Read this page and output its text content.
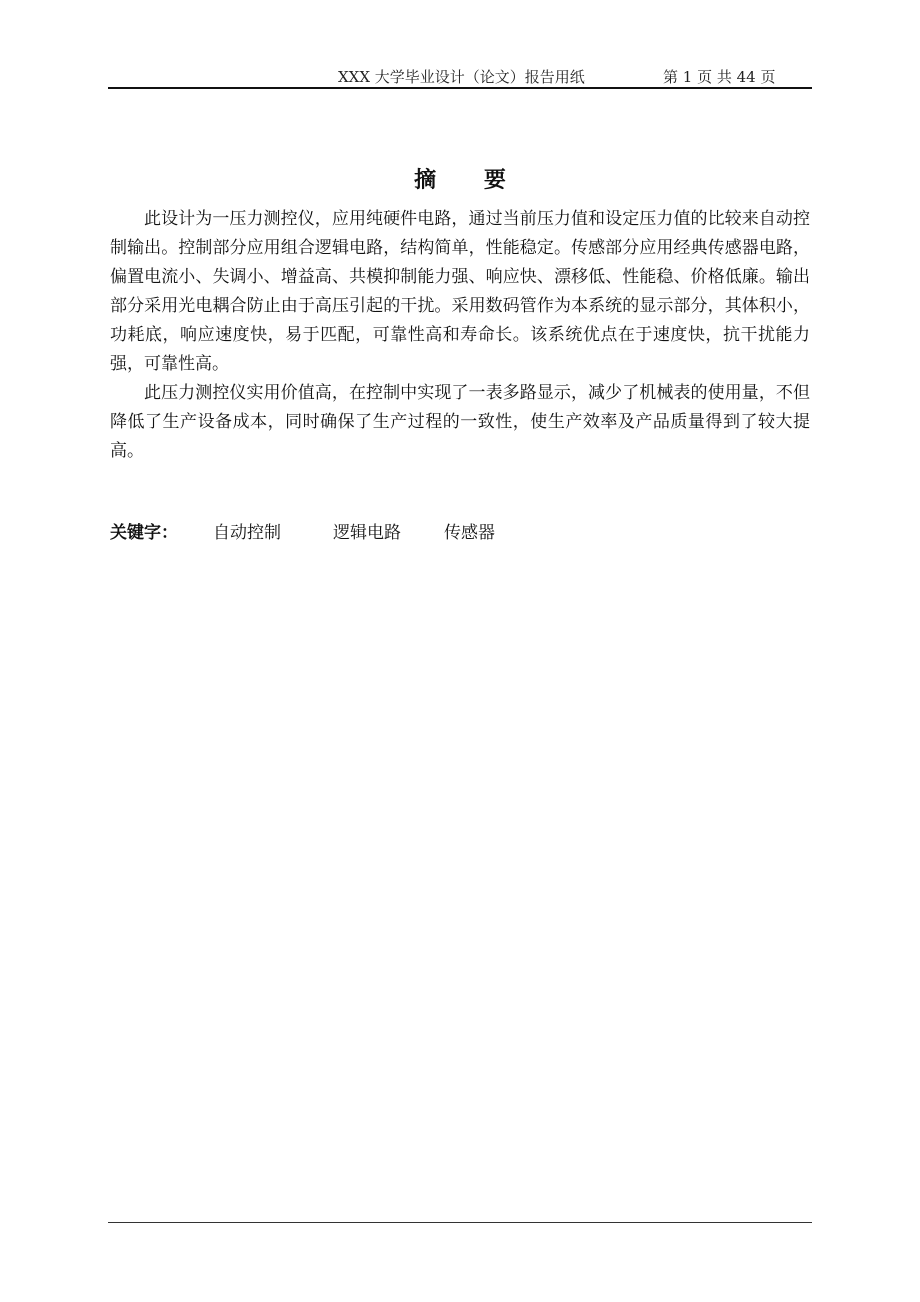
XXX 大学毕业设计（论文）报告用纸	第 1 页 共 44 页
摘 要

此设计为一压力测控仪，应用纯硬件电路，通过当前压力值和设定压力值的比较来自动控制输出。控制部分应用组合逻辑电路，结构简单，性能稳定。传感部分应用经典传感器电路，偏置电流小、失调小、增益高、共模抑制能力强、响应快、漂移低、性能稳、价格低廉。输出部分采用光电耦合防止由于高压引起的干扰。采用数码管作为本系统的显示部分，其体积小，功耗底，响应速度快，易于匹配，可靠性高和寿命长。该系统优点在于速度快，抗干扰能力强，可靠性高。

此压力测控仪实用价值高，在控制中实现了一表多路显示，减少了机械表的使用量，不但降低了生产设备成本，同时确保了生产过程的一致性，使生产效率及产品质量得到了较大提高。

关键字： 自动控制	逻辑电路	传感器
